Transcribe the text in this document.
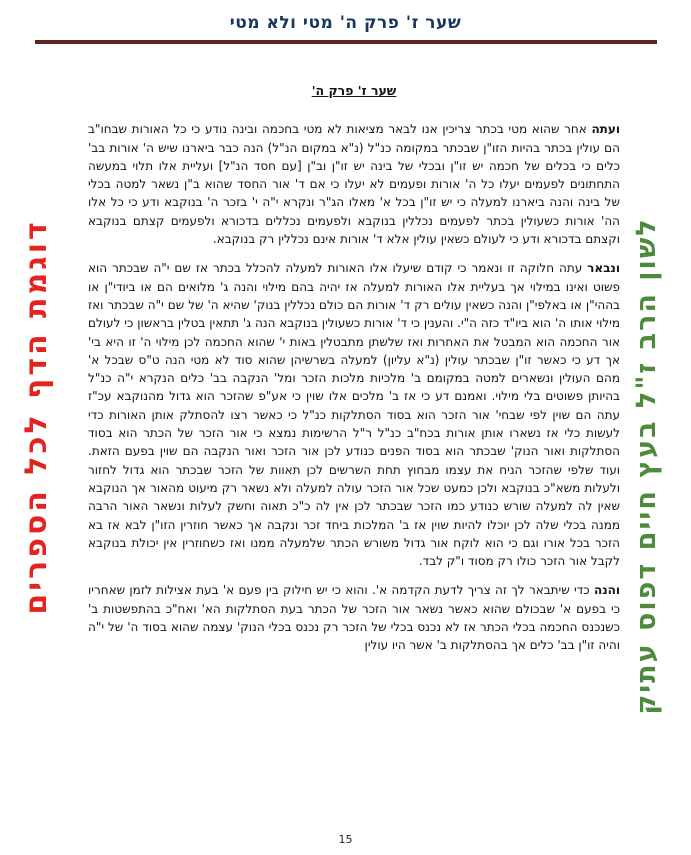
שער ז' פרק ה' מטי ולא מטי
שער ז' פרק ה'

ועתה אחר שהוא מטי בכתר צריכין אנו לבאר מציאות לא מטי בחכמה ובינה נודע כי כל האורות שבחו"ב הם עולין בכתר בהיות הזו"ן שבכתר במקומה כנ"ל (נ"א במקום הנ"ל) הנה כבר ביארנו שיש ה' אורות בב' כלים כי בכלים של חכמה יש זו"ן ובכלי של בינה יש זו"ן וב"ן [עם חסד הנ"ל] ועליית אלו תלוי במעשה התחתונים לפעמים יעלו כל ה' אורות ופעמים לא יעלו כי אם ד' אור החסד שהוא ב"ן נשאר למטה בכלי של בינה והנה ביארנו למעלה כי יש זו"ן בכל א' מאלו הג"ר ונקרא י"ה י' בזכר ה' בנוקבא ודע כי כל אלו הה' אורות כשעולין בכתר לפעמים נכללין בנוקבא ולפעמים נכללים בדכורא ולפעמים קצתם בנוקבא וקצתם בדכורא ודע כי לעולם כשאין עולין אלא ד' אורות אינם נכללין רק בנוקבא.

ונבאר עתה חלוקה זו ונאמר כי קודם שיעלו אלו האורות למעלה להכלל בכתר אז שם י"ה שבכתר הוא פשוט ואינו במילוי אך בעליית אלו האורות למעלה אז יהיה בהם מילוי והנה ג' מלואים הם או ביודי"ן או בההי"ן או באלפי"ן והנה כשאין עולים רק ד' אורות הם כולם נכללין בנוק' שהיא ה' של שם י"ה שבכתר ואז מילוי אותו ה' הוא ביו"ד כזה ה"י. והענין כי ד' אורות כשעולין בנוקבא הנה ג' תתאין בטלין בראשון כי לעולם אור החכמה הוא המבטל את האחרות ואז שלשתן מתבטלין באות י' שהוא החכמה לכן מילוי ה' זו היא בי' אך דע כי כאשר זו"ן שבכתר עולין (נ"א עליון) למעלה בשרשיהן שהוא סוד לא מטי הנה ט"ס שבכל א' מהם העולין ונשארים למטה במקומם ב' מלכיות מלכות הזכר ומל' הנקבה בב' כלים הנקרא י"ה כנ"ל בהיותן פשוטים בלי מילוי. ואמנם דע כי אז ב' מלכים אלו שוין כי אע"פ שהזכר הוא גדול מהנוקבא עכ"ז עתה הם שוין לפי שבחי' אור הזכר הוא בסוד הסתלקות כנ"ל כי כאשר רצו להסתלק אותן האורות כדי לעשות כלי אז נשארו אותן אורות בכח"ב כנ"ל ר"ל הרשימות נמצא כי אור הזכר של הכתר הוא בסוד הסתלקות ואור הנוק' שבכתר הוא בסוד הפנים כנודע לכן אור הזכר ואור הנקבה הם שוין בפעם הזאת. ועוד שלפי שהזכר הניח את עצמו מבחוץ תחת השרשים לכן תאוות של הזכר שבכתר הוא גדול לחזור ולעלות משא"כ בנוקבא ולכן כמעט שכל אור הזכר עולה למעלה ולא נשאר רק מיעוט מהאור אך הנוקבא שאין לה למעלה שורש כנודע כמו הזכר שבכתר לכן אין לה כ"כ תאוה וחשק לעלות ונשאר האור הרבה ממנה בכלי שלה לכן יוכלו להיות שוין אז ב' המלכות ביחד זכר ונקבה אך כאשר חוזרין הזו"ן לבא אז בא הזכר בכל אורו וגם כי הוא לוקח אור גדול משורש הכתר שלמעלה ממנו ואז כשחוזרין אין יכולת בנוקבא לקבל אור הזכר כולו רק מסוד ו"ק לבד.

והנה כדי שיתבאר לך זה צריך לדעת הקדמה א'. והוא כי יש חילוק בין פעם א' בעת אצילות לזמן שאחריו כי בפעם א' שבכולם שהוא כאשר נשאר אור הזכר של הכתר בעת הסתלקות הא' ואח"כ בהתפשטות ב' כשנכנס החכמה בכלי הכתר אז לא נכנס בכלי של הזכר רק נכנס בכלי הנוק' עצמה שהוא בסוד ה' של י"ה והיה זו"ן בב' כלים אך בהסתלקות ב' אשר היו עולין

דוגמת הדף לכל הספרים	לשון הרב ז"ל בעץ חיים דפוס עתיק
15
